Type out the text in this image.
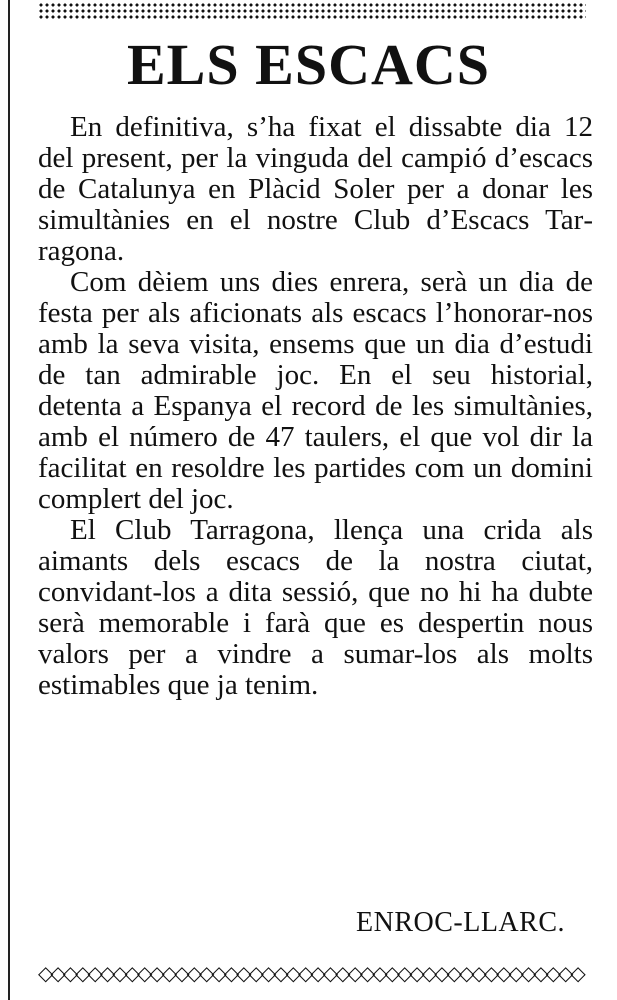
ELS ESCACS

En definitiva, s’ha fixat el dissabte dia 12 del present, per la vinguda del campió d’escacs de Catalunya en Plàcid Soler per a donar les simultànies en el nostre Club d’Escacs Tarragona.

Com dèiem uns dies enrera, serà un dia de festa per als aficionats als escacs l’honorar-nos amb la seva visita, ensems que un dia d’estudi de tan admirable joc. En el seu historial, detenta a Espanya el record de les simultànies, amb el número de 47 taulers, el que vol dir la facilitat en resoldre les partides com un domini complert del joc.

El Club Tarragona, llença una crida als aimants dels escacs de la nostra ciutat, convidant-los a dita sessió, que no hi ha dubte serà memorable i farà que es despertin nous valors per a vindre a sumar-los als molts estimables que ja tenim.

ENROC-LLARC.
◇◇◇◇◇◇◇◇◇◇◇◇◇◇◇◇◇◇◇◇◇◇◇◇◇◇◇◇◇◇◇◇◇◇◇◇◇◇◇◇◇◇◇◇
